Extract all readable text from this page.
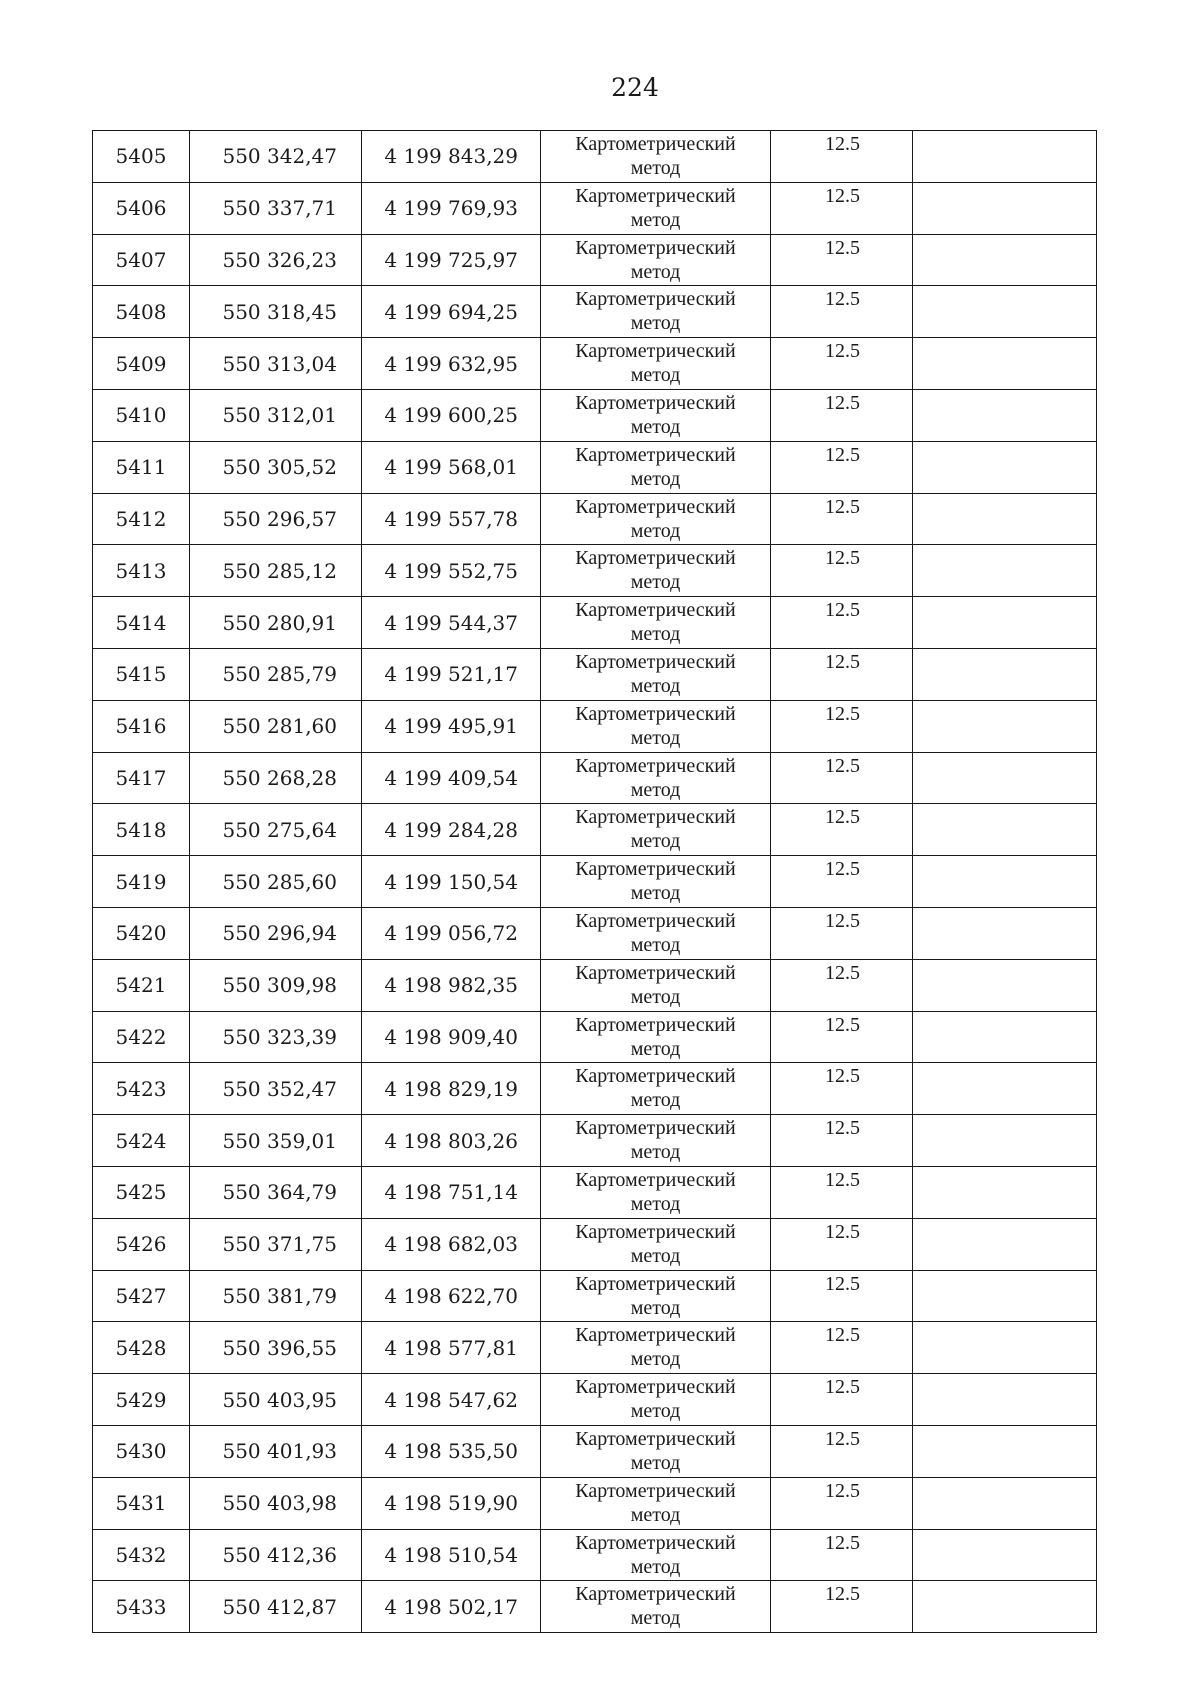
224
5405	550 342,47	4 199 843,29	Картометрический
метод	12.5	
5406	550 337,71	4 199 769,93	Картометрический
метод	12.5	
5407	550 326,23	4 199 725,97	Картометрический
метод	12.5	
5408	550 318,45	4 199 694,25	Картометрический
метод	12.5	
5409	550 313,04	4 199 632,95	Картометрический
метод	12.5	
5410	550 312,01	4 199 600,25	Картометрический
метод	12.5	
5411	550 305,52	4 199 568,01	Картометрический
метод	12.5	
5412	550 296,57	4 199 557,78	Картометрический
метод	12.5	
5413	550 285,12	4 199 552,75	Картометрический
метод	12.5	
5414	550 280,91	4 199 544,37	Картометрический
метод	12.5	
5415	550 285,79	4 199 521,17	Картометрический
метод	12.5	
5416	550 281,60	4 199 495,91	Картометрический
метод	12.5	
5417	550 268,28	4 199 409,54	Картометрический
метод	12.5	
5418	550 275,64	4 199 284,28	Картометрический
метод	12.5	
5419	550 285,60	4 199 150,54	Картометрический
метод	12.5	
5420	550 296,94	4 199 056,72	Картометрический
метод	12.5	
5421	550 309,98	4 198 982,35	Картометрический
метод	12.5	
5422	550 323,39	4 198 909,40	Картометрический
метод	12.5	
5423	550 352,47	4 198 829,19	Картометрический
метод	12.5	
5424	550 359,01	4 198 803,26	Картометрический
метод	12.5	
5425	550 364,79	4 198 751,14	Картометрический
метод	12.5	
5426	550 371,75	4 198 682,03	Картометрический
метод	12.5	
5427	550 381,79	4 198 622,70	Картометрический
метод	12.5	
5428	550 396,55	4 198 577,81	Картометрический
метод	12.5	
5429	550 403,95	4 198 547,62	Картометрический
метод	12.5	
5430	550 401,93	4 198 535,50	Картометрический
метод	12.5	
5431	550 403,98	4 198 519,90	Картометрический
метод	12.5	
5432	550 412,36	4 198 510,54	Картометрический
метод	12.5	
5433	550 412,87	4 198 502,17	Картометрический
метод	12.5	
